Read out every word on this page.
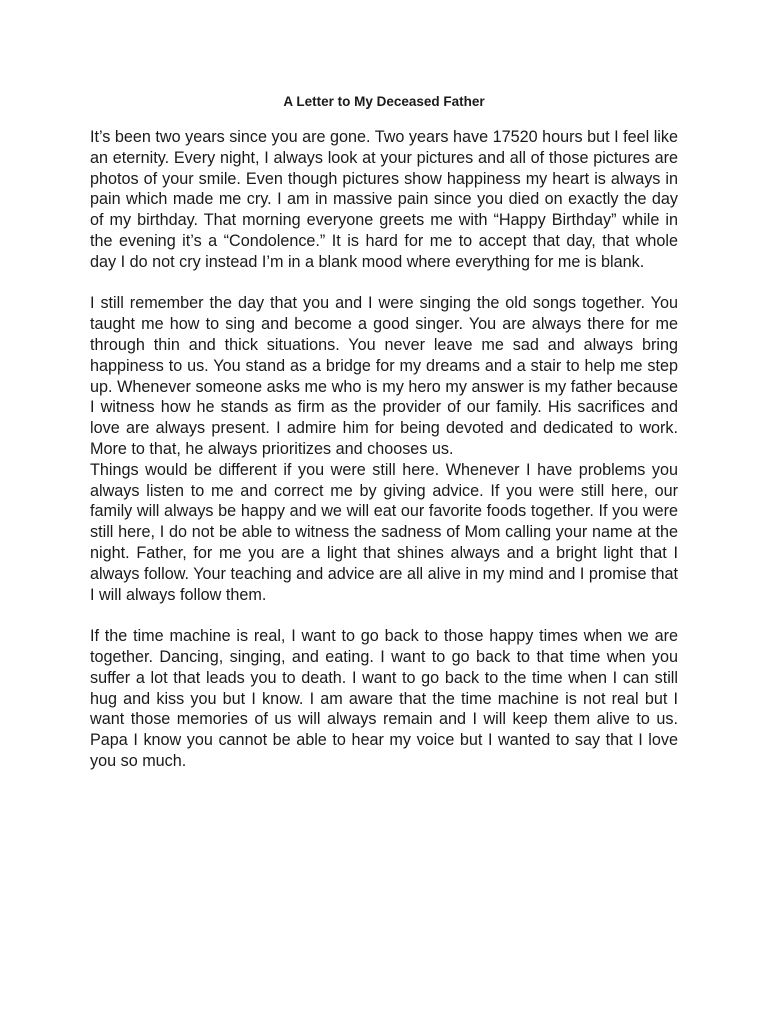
A Letter to My Deceased Father

It’s been two years since you are gone. Two years have 17520 hours but I feel like an eternity. Every night, I always look at your pictures and all of those pictures are photos of your smile. Even though pictures show happiness my heart is always in pain which made me cry. I am in massive pain since you died on exactly the day of my birthday. That morning everyone greets me with “Happy Birthday” while in the evening it’s a “Condolence.” It is hard for me to accept that day, that whole day I do not cry instead I’m in a blank mood where everything for me is blank.

I still remember the day that you and I were singing the old songs together. You taught me how to sing and become a good singer. You are always there for me through thin and thick situations. You never leave me sad and always bring happiness to us. You stand as a bridge for my dreams and a stair to help me step up. Whenever someone asks me who is my hero my answer is my father because I witness how he stands as firm as the provider of our family. His sacrifices and love are always present. I admire him for being devoted and dedicated to work. More to that, he always prioritizes and chooses us.

Things would be different if you were still here. Whenever I have problems you always listen to me and correct me by giving advice. If you were still here, our family will always be happy and we will eat our favorite foods together. If you were still here, I do not be able to witness the sadness of Mom calling your name at the night. Father, for me you are a light that shines always and a bright light that I always follow. Your teaching and advice are all alive in my mind and I promise that I will always follow them.

If the time machine is real, I want to go back to those happy times when we are together. Dancing, singing, and eating. I want to go back to that time when you suffer a lot that leads you to death. I want to go back to the time when I can still hug and kiss you but I know. I am aware that the time machine is not real but I want those memories of us will always remain and I will keep them alive to us. Papa I know you cannot be able to hear my voice but I wanted to say that I love you so much.
